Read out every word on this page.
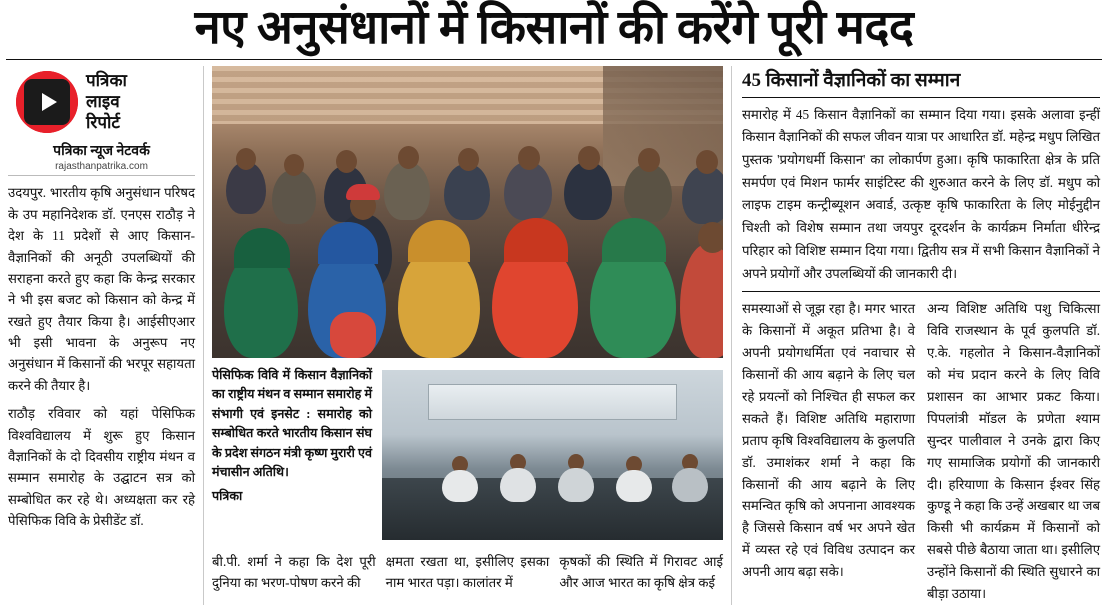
नए अनुसंधानों में किसानों की करेंगे पूरी मदद
पत्रिका
लाइव
रिपोर्ट
पत्रिका न्यूज नेटवर्क
rajasthanpatrika.com
उदयपुर. भारतीय कृषि अनुसंधान परिषद के उप महानिदेशक डॉ. एनएस राठौड़ ने देश के 11 प्रदेशों से आए किसान-वैज्ञानिकों की अनूठी उपलब्धियों की सराहना करते हुए कहा कि केन्द्र सरकार ने भी इस बजट को किसान को केन्द्र में रखते हुए तैयार किया है। आईसीएआर भी इसी भावना के अनुरूप नए अनुसंधान में किसानों की भरपूर सहायता करने की तैयार है।
राठौड़ रविवार को यहां पेसिफिक विश्वविद्यालय में शुरू हुए किसान वैज्ञानिकों के दो दिवसीय राष्ट्रीय मंथन व सम्मान समारोह के उद्घाटन सत्र को सम्बोधित कर रहे थे। अध्यक्षता कर रहे पेसिफिक विवि के प्रेसीडेंट डॉ.
पेसिफिक विवि में किसान वैज्ञानिकों का राष्ट्रीय मंथन व सम्मान समारोह में संभागी एवं इनसेट : समारोह को सम्बोधित करते भारतीय किसान संघ के प्रदेश संगठन मंत्री कृष्ण मुरारी एवं मंचासीन अतिथि।
पत्रिका
बी.पी. शर्मा ने कहा कि देश पूरी दुनिया का भरण-पोषण करने की
क्षमता रखता था, इसीलिए इसका नाम भारत पड़ा। कालांतर में
कृषकों की स्थिति में गिरावट आई और आज भारत का कृषि क्षेत्र कई
45 किसानों वैज्ञानिकों का सम्मान
समारोह में 45 किसान वैज्ञानिकों का सम्मान दिया गया। इसके अलावा इन्हीं किसान वैज्ञानिकों की सफल जीवन यात्रा पर आधारित डॉ. महेन्द्र मधुप लिखित पुस्तक 'प्रयोगधर्मी किसान' का लोकार्पण हुआ। कृषि फाकारिता क्षेत्र के प्रति समर्पण एवं मिशन फार्मर साइंटिस्ट की शुरुआत करने के लिए डॉ. मधुप को लाइफ टाइम कन्ट्रीब्यूशन अवार्ड, उत्कृष्ट कृषि फाकारिता के लिए मोईनुद्दीन चिश्ती को विशेष सम्मान तथा जयपुर दूरदर्शन के कार्यक्रम निर्माता धीरेन्द्र परिहार को विशिष्ट सम्मान दिया गया। द्वितीय सत्र में सभी किसान वैज्ञानिकों ने अपने प्रयोगों और उपलब्धियों की जानकारी दी।
समस्याओं से जूझ रहा है। मगर भारत के किसानों में अकूत प्रतिभा है। वे अपनी प्रयोगधर्मिता एवं नवाचार से किसानों की आय बढ़ाने के लिए चल रहे प्रयत्नों को निश्चित ही सफल कर सकते हैं। विशिष्ट अतिथि महाराणा प्रताप कृषि विश्वविद्यालय के कुलपति डॉ. उमाशंकर शर्मा ने कहा कि किसानों की आय बढ़ाने के लिए समन्वित कृषि को अपनाना आवश्यक है जिससे किसान वर्ष भर अपने खेत में व्यस्त रहे एवं विविध उत्पादन कर अपनी आय बढ़ा सके।
अन्य विशिष्ट अतिथि पशु चिकित्सा विवि राजस्थान के पूर्व कुलपति डॉ. ए.के. गहलोत ने किसान-वैज्ञानिकों को मंच प्रदान करने के लिए विवि प्रशासन का आभार प्रकट किया। पिपलांत्री मॉडल के प्रणेता श्याम सुन्दर पालीवाल ने उनके द्वारा किए गए सामाजिक प्रयोगों की जानकारी दी। हरियाणा के किसान ईश्वर सिंह कुण्डू ने कहा कि उन्हें अखबार था जब किसी भी कार्यक्रम में किसानों को सबसे पीछे बैठाया जाता था। इसीलिए उन्होंने किसानों की स्थिति सुधारने का बीड़ा उठाया।
